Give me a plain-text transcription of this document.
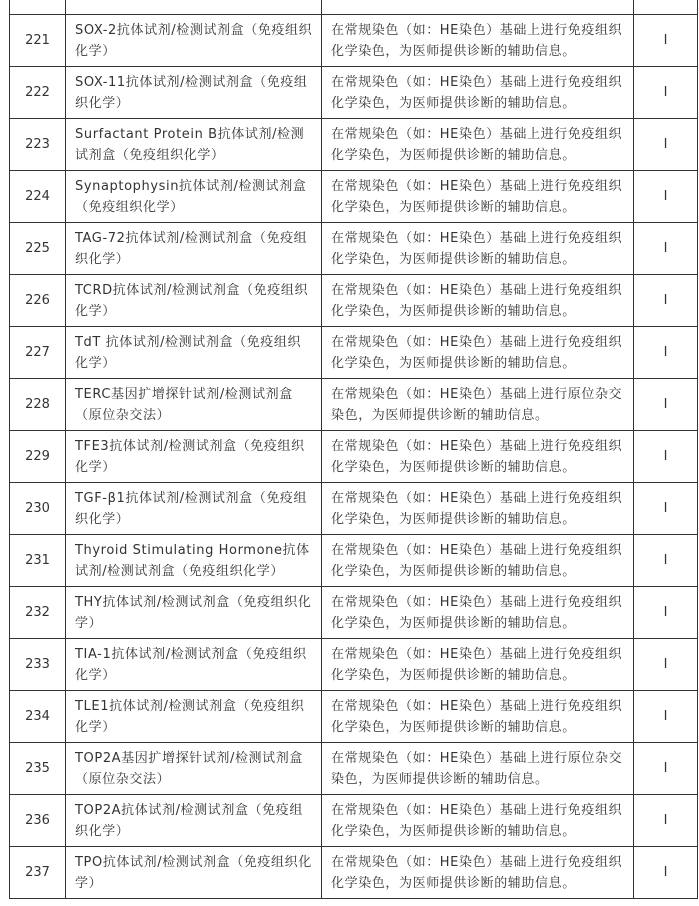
221	SOX-2抗体试剂/检测试剂盒（免疫组织化学）	在常规染色（如：HE染色）基础上进行免疫组织化学染色，为医师提供诊断的辅助信息。	I

222	SOX-11抗体试剂/检测试剂盒（免疫组织化学）	在常规染色（如：HE染色）基础上进行免疫组织化学染色，为医师提供诊断的辅助信息。	I

223	Surfactant Protein B抗体试剂/检测试剂盒（免疫组织化学）	在常规染色（如：HE染色）基础上进行免疫组织化学染色，为医师提供诊断的辅助信息。	I

224	Synaptophysin抗体试剂/检测试剂盒（免疫组织化学）	在常规染色（如：HE染色）基础上进行免疫组织化学染色，为医师提供诊断的辅助信息。	I

225	TAG-72抗体试剂/检测试剂盒（免疫组织化学）	在常规染色（如：HE染色）基础上进行免疫组织化学染色，为医师提供诊断的辅助信息。	I

226	TCRD抗体试剂/检测试剂盒（免疫组织化学）	在常规染色（如：HE染色）基础上进行免疫组织化学染色，为医师提供诊断的辅助信息。	I

227	TdT 抗体试剂/检测试剂盒（免疫组织化学）	在常规染色（如：HE染色）基础上进行免疫组织化学染色，为医师提供诊断的辅助信息。	I

228	TERC基因扩增探针试剂/检测试剂盒（原位杂交法）	在常规染色（如：HE染色）基础上进行原位杂交染色，为医师提供诊断的辅助信息。	I

229	TFE3抗体试剂/检测试剂盒（免疫组织化学）	在常规染色（如：HE染色）基础上进行免疫组织化学染色，为医师提供诊断的辅助信息。	I

230	TGF-β1抗体试剂/检测试剂盒（免疫组织化学）	在常规染色（如：HE染色）基础上进行免疫组织化学染色，为医师提供诊断的辅助信息。	I

231	Thyroid Stimulating Hormone抗体试剂/检测试剂盒（免疫组织化学）	在常规染色（如：HE染色）基础上进行免疫组织化学染色，为医师提供诊断的辅助信息。	I

232	THY抗体试剂/检测试剂盒（免疫组织化学）	在常规染色（如：HE染色）基础上进行免疫组织化学染色，为医师提供诊断的辅助信息。	I

233	TIA-1抗体试剂/检测试剂盒（免疫组织化学）	在常规染色（如：HE染色）基础上进行免疫组织化学染色，为医师提供诊断的辅助信息。	I

234	TLE1抗体试剂/检测试剂盒（免疫组织化学）	在常规染色（如：HE染色）基础上进行免疫组织化学染色，为医师提供诊断的辅助信息。	I

235	TOP2A基因扩增探针试剂/检测试剂盒（原位杂交法）	在常规染色（如：HE染色）基础上进行原位杂交染色，为医师提供诊断的辅助信息。	I

236	TOP2A抗体试剂/检测试剂盒（免疫组织化学）	在常规染色（如：HE染色）基础上进行免疫组织化学染色，为医师提供诊断的辅助信息。	I

237	TPO抗体试剂/检测试剂盒（免疫组织化学）	在常规染色（如：HE染色）基础上进行免疫组织化学染色，为医师提供诊断的辅助信息。	I
